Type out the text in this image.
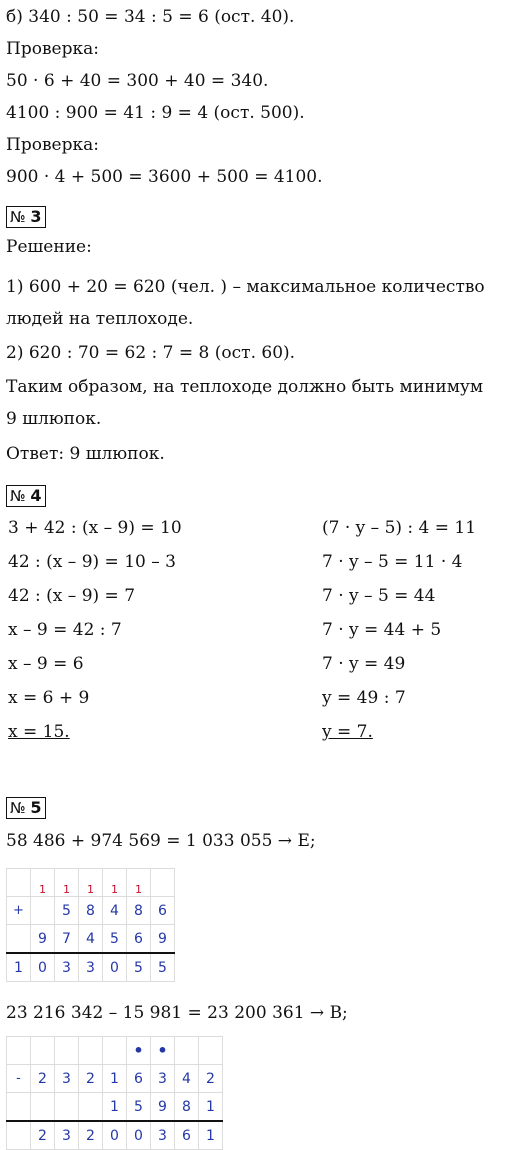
б) 340 : 50 = 34 : 5 = 6 (ост. 40).
Проверка:
50 · 6 + 40 = 300 + 40 = 340.
4100 : 900 = 41 : 9 = 4 (ост. 500).
Проверка:
900 · 4 + 500 = 3600 + 500 = 4100.
№ 3
Решение:
1) 600 + 20 = 620 (чел. ) – максимальное количество
людей на теплоходе.
2) 620 : 70 = 62 : 7 = 8 (ост. 60).
Таким образом, на теплоходе должно быть минимум
9 шлюпок.
Ответ: 9 шлюпок.
№ 4
3 + 42 : (x – 9) = 10
42 : (x – 9) = 10 – 3
42 : (x – 9) = 7
x – 9 = 42 : 7
x – 9 = 6
x = 6 + 9
x = 15.
(7 · y – 5) : 4 = 11
7 · y – 5 = 11 · 4
7 · y – 5 = 44
7 · y = 44 + 5
7 · y = 49
y = 49 : 7
y = 7.
№ 5
58 486 + 974 569 = 1 033 055 → Е;
	1	1	1	1	1	
+		5	8	4	8	6
	9	7	4	5	6	9
1	0	3	3	0	5	5
23 216 342 – 15 981 = 23 200 361 → В;
					•	•		
-	2	3	2	1	6	3	4	2
				1	5	9	8	1
	2	3	2	0	0	3	6	1
